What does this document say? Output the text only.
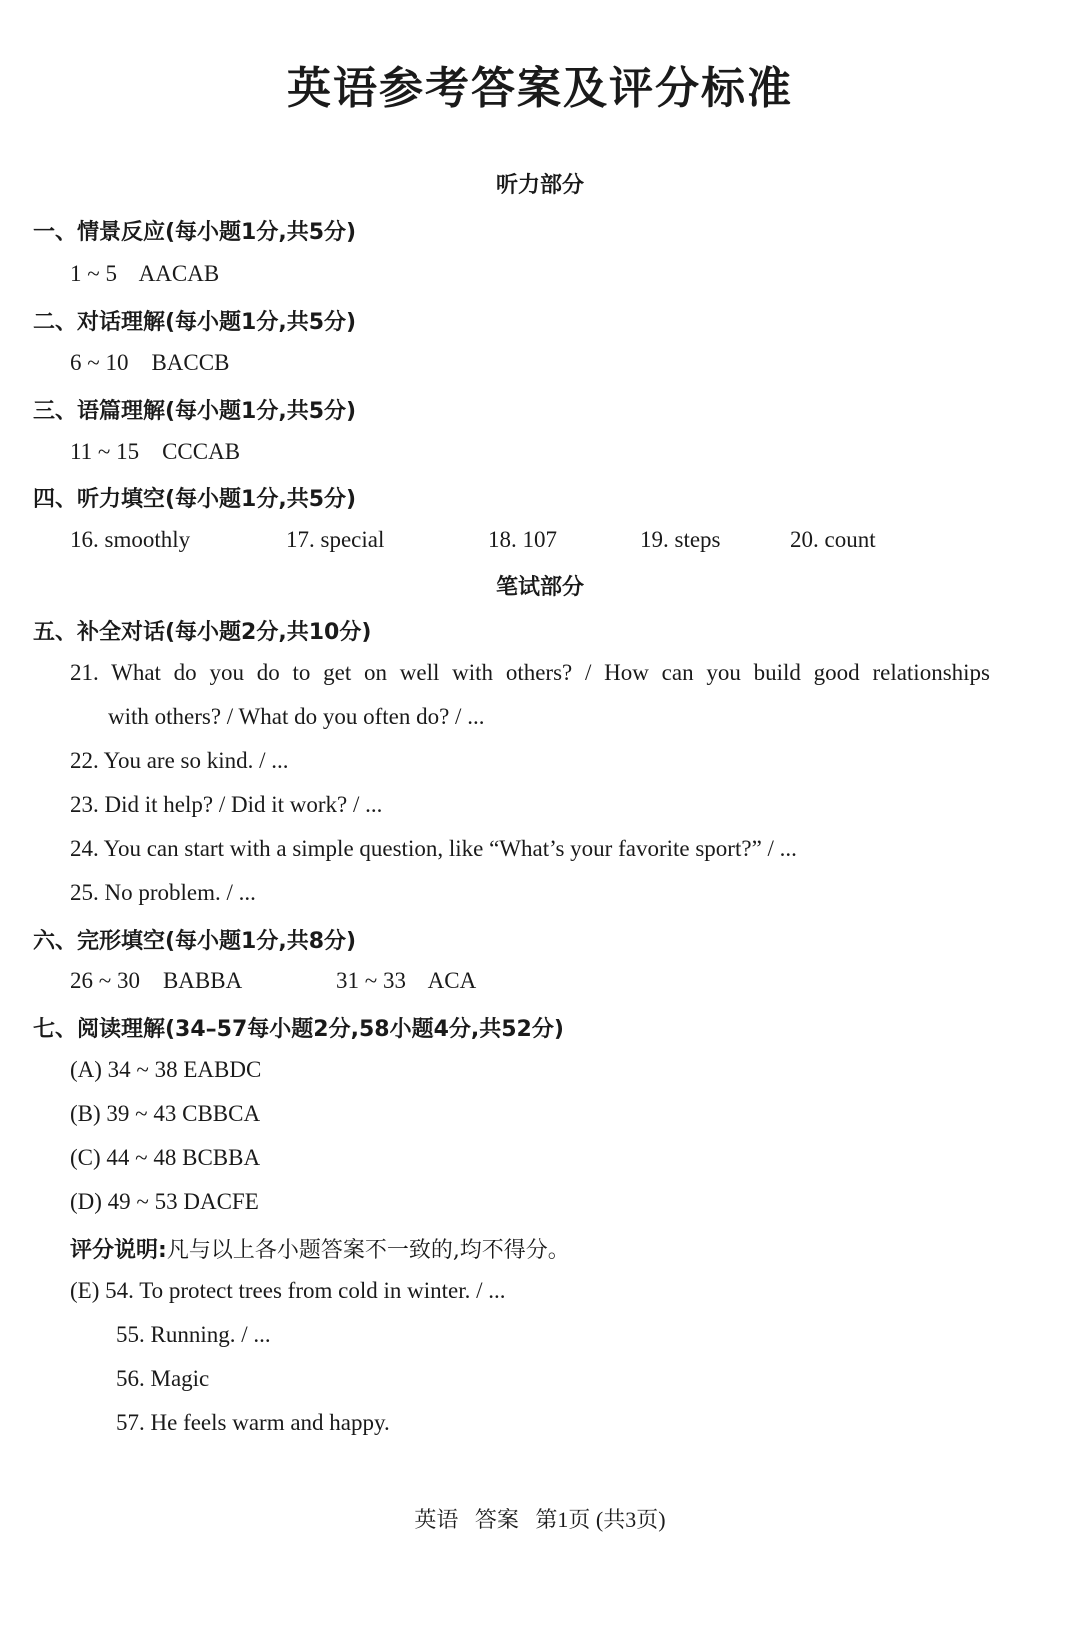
英语参考答案及评分标准

听力部分

一、情景反应(每小题1分,共5分)

1 ~ 5    AACAB

二、对话理解(每小题1分,共5分)

6 ~ 10    BACCB

三、语篇理解(每小题1分,共5分)

11 ~ 15    CCCAB

四、听力填空(每小题1分,共5分)

16. smoothly	17. special	18. 107	19. steps	20. count

笔试部分

五、补全对话(每小题2分,共10分)

21. What do you do to get on well with others? / How can you build good relationships

with others? / What do you often do? / ...

22. You are so kind. / ...

23. Did it help? / Did it work? / ...

24. You can start with a simple question, like “What’s your favorite sport?” / ...

25. No problem. / ...

六、完形填空(每小题1分,共8分)

26 ~ 30    BABBA	31 ~ 33    ACA

七、阅读理解(34–57每小题2分,58小题4分,共52分)

(A) 34 ~ 38 EABDC

(B) 39 ~ 43 CBBCA

(C) 44 ~ 48 BCBBA

(D) 49 ~ 53 DACFE

评分说明:凡与以上各小题答案不一致的,均不得分。

(E) 54. To protect trees from cold in winter. / ...

55. Running. / ...

56. Magic

57. He feels warm and happy.

英语   答案   第1页 (共3页)
